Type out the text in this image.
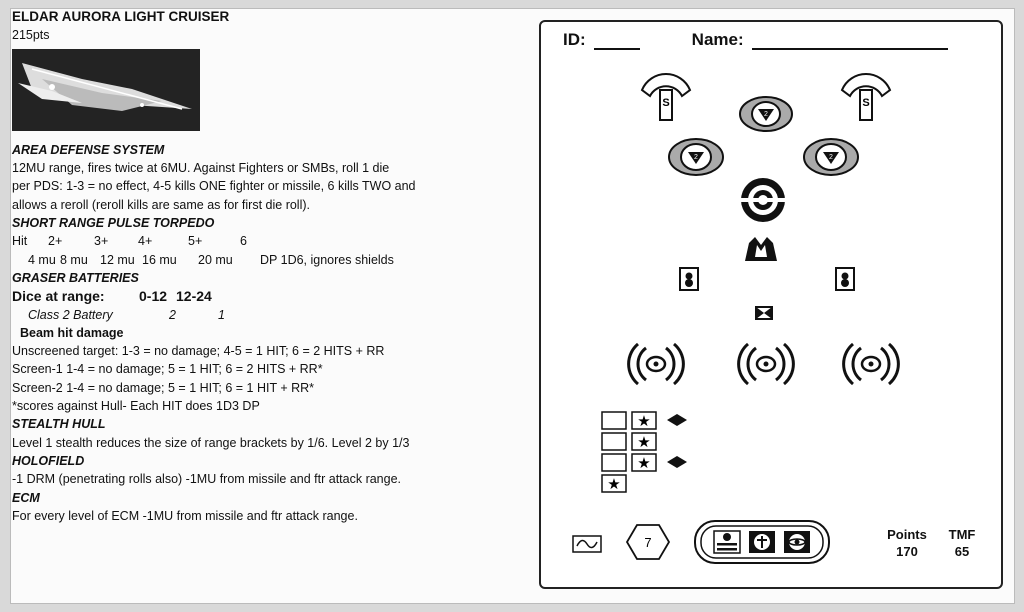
ELDAR AURORA LIGHT CRUISER
215pts
AREA DEFENSE SYSTEM
12MU range, fires twice at 6MU. Against Fighters or SMBs, roll 1 die
per PDS: 1-3 = no effect, 4-5 kills ONE fighter or missile, 6 kills TWO and
allows a reroll (reroll kills are same as for first die roll).
SHORT RANGE PULSE TORPEDO
Hit	2+	3+	4+	5+	6
4 mu 8 mu 12 mu 16 mu	20 mu	DP 1D6, ignores shields
GRASER BATTERIES
Dice at range:	0-12 12-24
Class 2 Battery	2	1
Beam hit damage
Unscreened target: 1-3 = no damage; 4-5 = 1 HIT; 6 = 2 HITS + RR
Screen-1 1-4 = no damage; 5 = 1 HIT; 6 = 2 HITS + RR*
Screen-2 1-4 = no damage; 5 = 1 HIT; 6 = 1 HIT + RR*
*scores against Hull- Each HIT does 1D3 DP
STEALTH HULL
Level 1 stealth reduces the size of range brackets by 1/6. Level 2 by 1/3
HOLOFIELD
-1 DRM (penetrating rolls also) -1MU from missile and ftr attack range.
ECM
For every level of ECM -1MU from missile and ftr attack range.
ID:	Name:
S	S
2
2	2
★
★
★
★
7
Points	TMF
170	65
